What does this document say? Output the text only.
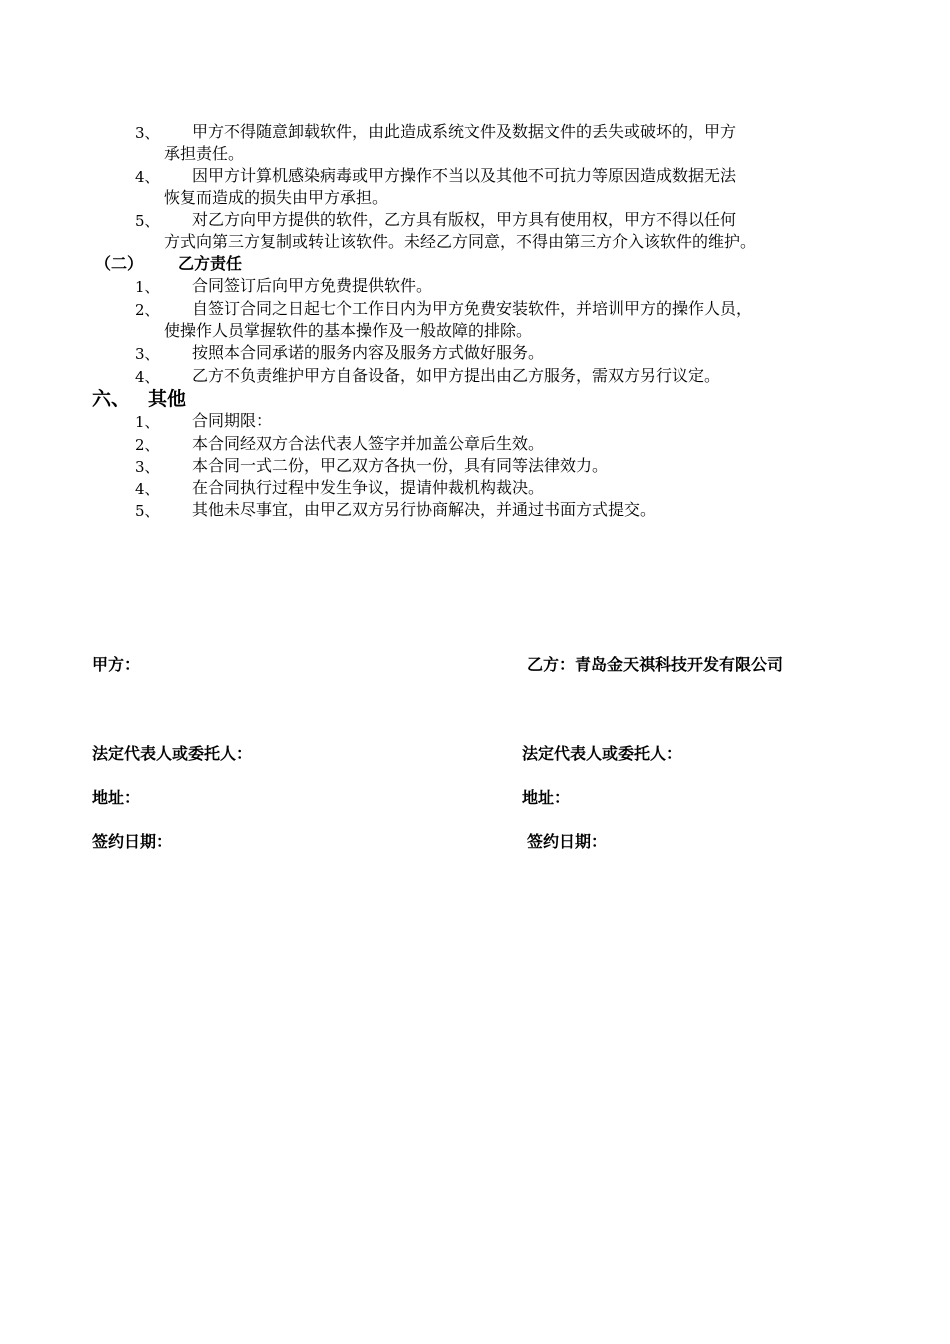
3、 甲方不得随意卸载软件，由此造成系统文件及数据文件的丢失或破坏的，甲方
承担责任。
4、 因甲方计算机感染病毒或甲方操作不当以及其他不可抗力等原因造成数据无法
恢复而造成的损失由甲方承担。
5、 对乙方向甲方提供的软件，乙方具有版权，甲方具有使用权，甲方不得以任何
方式向第三方复制或转让该软件。未经乙方同意，不得由第三方介入该软件的维护。
（二） 乙方责任
1、 合同签订后向甲方免费提供软件。
2、 自签订合同之日起七个工作日内为甲方免费安装软件，并培训甲方的操作人员，
使操作人员掌握软件的基本操作及一般故障的排除。
3、 按照本合同承诺的服务内容及服务方式做好服务。
4、 乙方不负责维护甲方自备设备，如甲方提出由乙方服务，需双方另行议定。
六、 其他
1、 合同期限：
2、 本合同经双方合法代表人签字并加盖公章后生效。
3、 本合同一式二份，甲乙双方各执一份，具有同等法律效力。
4、 在合同执行过程中发生争议，提请仲裁机构裁决。
5、 其他未尽事宜，由甲乙双方另行协商解决，并通过书面方式提交。
甲方：	乙方：青岛金天祺科技开发有限公司
法定代表人或委托人：	法定代表人或委托人：
地址：	地址：
签约日期：	签约日期：
